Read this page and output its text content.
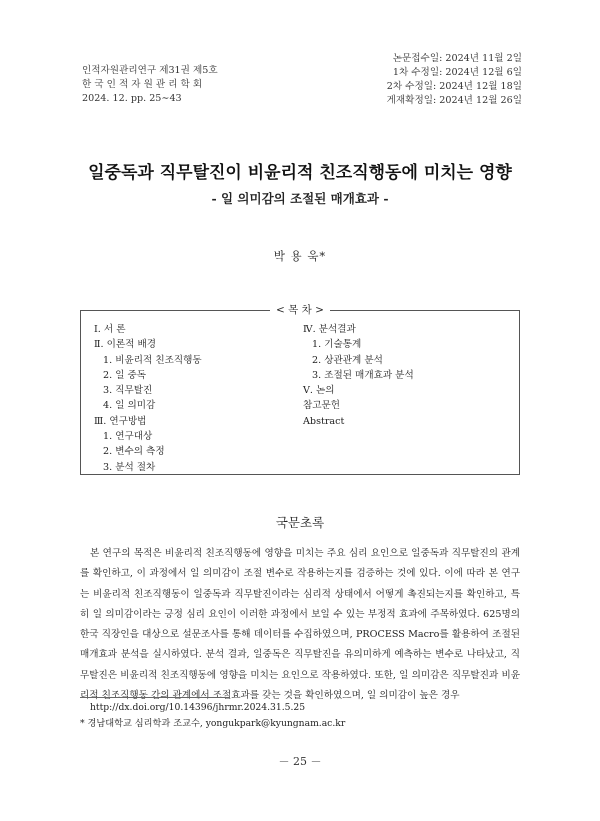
인적자원관리연구 제31권 제5호
한 국 인 적 자 원 관 리 학 회
2024. 12. pp. 25∼43
논문접수일: 2024년 11월 2일
1차 수정일: 2024년 12월 6일
2차 수정일: 2024년 12월 18일
게재확정일: 2024년 12월 26일
일중독과 직무탈진이 비윤리적 친조직행동에 미치는 영향
- 일 의미감의 조절된 매개효과 -
박 용 욱*
< 목 차 >
Ⅰ. 서 론
Ⅱ. 이론적 배경
1. 비윤리적 친조직행동
2. 일 중독
3. 직무탈진
4. 일 의미감
Ⅲ. 연구방법
1. 연구대상
2. 변수의 측정
3. 분석 절차
Ⅳ. 분석결과
1. 기술통계
2. 상관관계 분석
3. 조절된 매개효과 분석
Ⅴ. 논의
참고문헌
Abstract
국문초록
본 연구의 목적은 비윤리적 친조직행동에 영향을 미치는 주요 심리 요인으로 일중독과 직무탈진의 관계를 확인하고, 이 과정에서 일 의미감이 조절 변수로 작용하는지를 검증하는 것에 있다. 이에 따라 본 연구는 비윤리적 친조직행동이 일중독과 직무탈진이라는 심리적 상태에서 어떻게 촉진되는지를 확인하고, 특히 일 의미감이라는 긍정 심리 요인이 이러한 과정에서 보일 수 있는 부정적 효과에 주목하였다. 625명의 한국 직장인을 대상으로 설문조사를 통해 데이터를 수집하였으며, PROCESS Macro를 활용하여 조절된 매개효과 분석을 실시하였다. 분석 결과, 일중독은 직무탈진을 유의미하게 예측하는 변수로 나타났고, 직무탈진은 비윤리적 친조직행동에 영향을 미치는 요인으로 작용하였다. 또한, 일 의미감은 직무탈진과 비윤리적 친조직행동 간의 관계에서 조절효과를 갖는 것을 확인하였으며, 일 의미감이 높은 경우
http://dx.doi.org/10.14396/jhrmr.2024.31.5.25
* 경남대학교 심리학과 조교수, yongukpark@kyungnam.ac.kr
－ 25 －
